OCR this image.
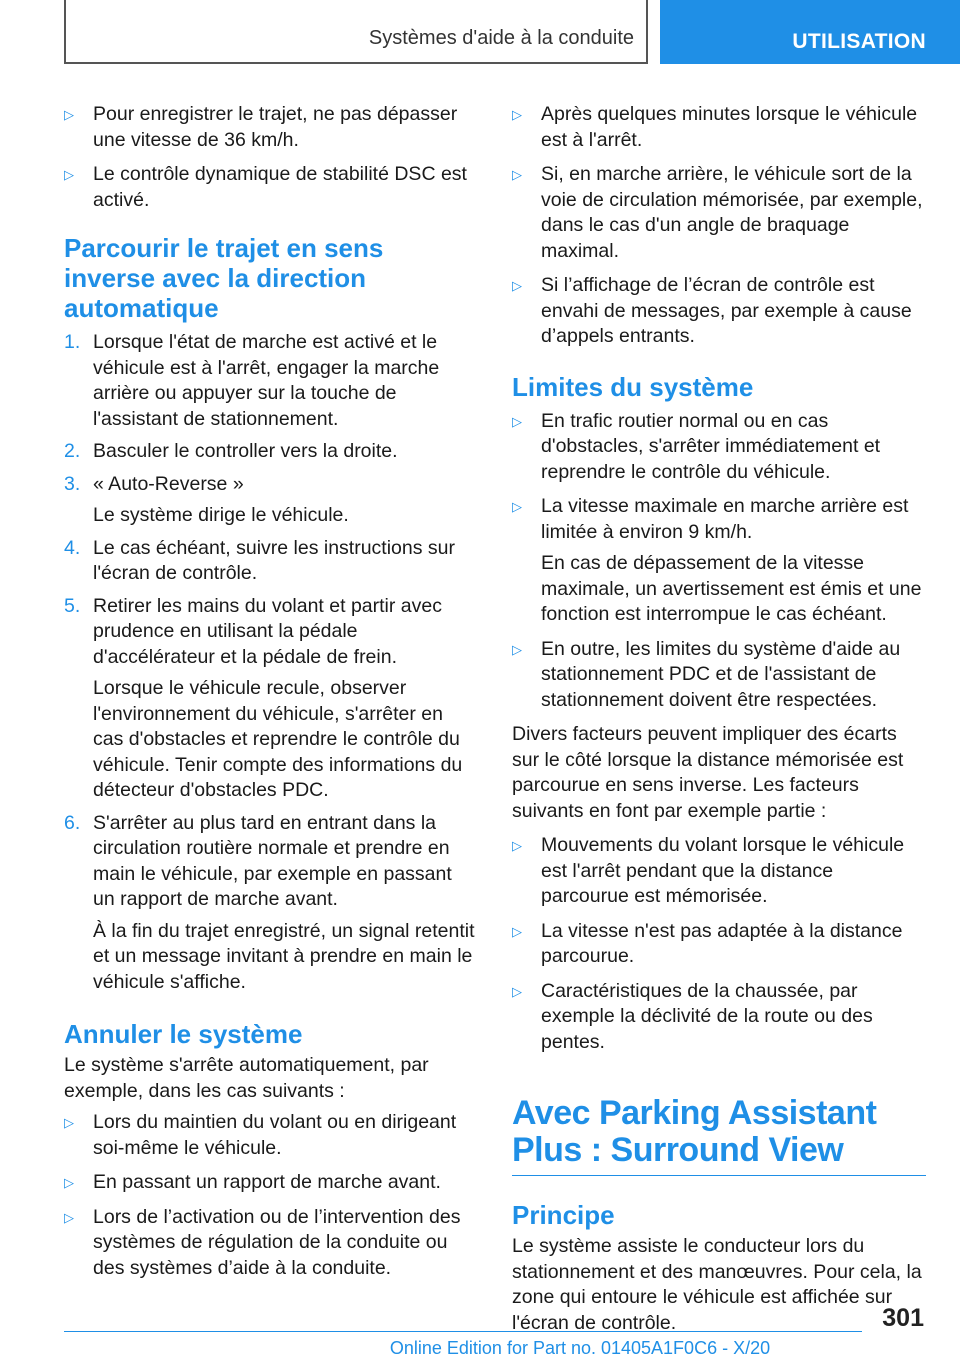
Systèmes d'aide à la conduite	UTILISATION
▷ Pour enregistrer le trajet, ne pas dépasser une vitesse de 36 km/h.
▷ Le contrôle dynamique de stabilité DSC est activé.
Parcourir le trajet en sens inverse avec la direction automatique
1. Lorsque l'état de marche est activé et le véhicule est à l'arrêt, engager la marche arrière ou appuyer sur la touche de l'assistant de stationnement.
2. Basculer le controller vers la droite.
3. « Auto-Reverse »
Le système dirige le véhicule.
4. Le cas échéant, suivre les instructions sur l'écran de contrôle.
5. Retirer les mains du volant et partir avec prudence en utilisant la pédale d'accélérateur et la pédale de frein.
Lorsque le véhicule recule, observer l'environnement du véhicule, s'arrêter en cas d'obstacles et reprendre le contrôle du véhicule. Tenir compte des informations du détecteur d'obstacles PDC.
6. S'arrêter au plus tard en entrant dans la circulation routière normale et prendre en main le véhicule, par exemple en passant un rapport de marche avant.
À la fin du trajet enregistré, un signal retentit et un message invitant à prendre en main le véhicule s'affiche.
Annuler le système

Le système s'arrête automatiquement, par exemple, dans les cas suivants :

▷ Lors du maintien du volant ou en dirigeant soi-même le véhicule.
▷ En passant un rapport de marche avant.
▷ Lors de l’activation ou de l’intervention des systèmes de régulation de la conduite ou des systèmes d’aide à la conduite.
▷ Après quelques minutes lorsque le véhicule est à l'arrêt.
▷ Si, en marche arrière, le véhicule sort de la voie de circulation mémorisée, par exemple, dans le cas d'un angle de braquage maximal.
▷ Si l’affichage de l’écran de contrôle est envahi de messages, par exemple à cause d’appels entrants.
Limites du système
▷ En trafic routier normal ou en cas d'obstacles, s'arrêter immédiatement et reprendre le contrôle du véhicule.
▷ La vitesse maximale en marche arrière est limitée à environ 9 km/h.
En cas de dépassement de la vitesse maximale, un avertissement est émis et une fonction est interrompue le cas échéant.
▷ En outre, les limites du système d'aide au stationnement PDC et de l'assistant de stationnement doivent être respectées.

Divers facteurs peuvent impliquer des écarts sur le côté lorsque la distance mémorisée est parcourue en sens inverse. Les facteurs suivants en font par exemple partie :

▷ Mouvements du volant lorsque le véhicule est l'arrêt pendant que la distance parcourue est mémorisée.
▷ La vitesse n'est pas adaptée à la distance parcourue.
▷ Caractéristiques de la chaussée, par exemple la déclivité de la route ou des pentes.
Avec Parking Assistant Plus : Surround View
Principe

Le système assiste le conducteur lors du stationnement et des manœuvres. Pour cela, la zone qui entoure le véhicule est affichée sur l'écran de contrôle.	301
Online Edition for Part no. 01405A1F0C6 - X/20
